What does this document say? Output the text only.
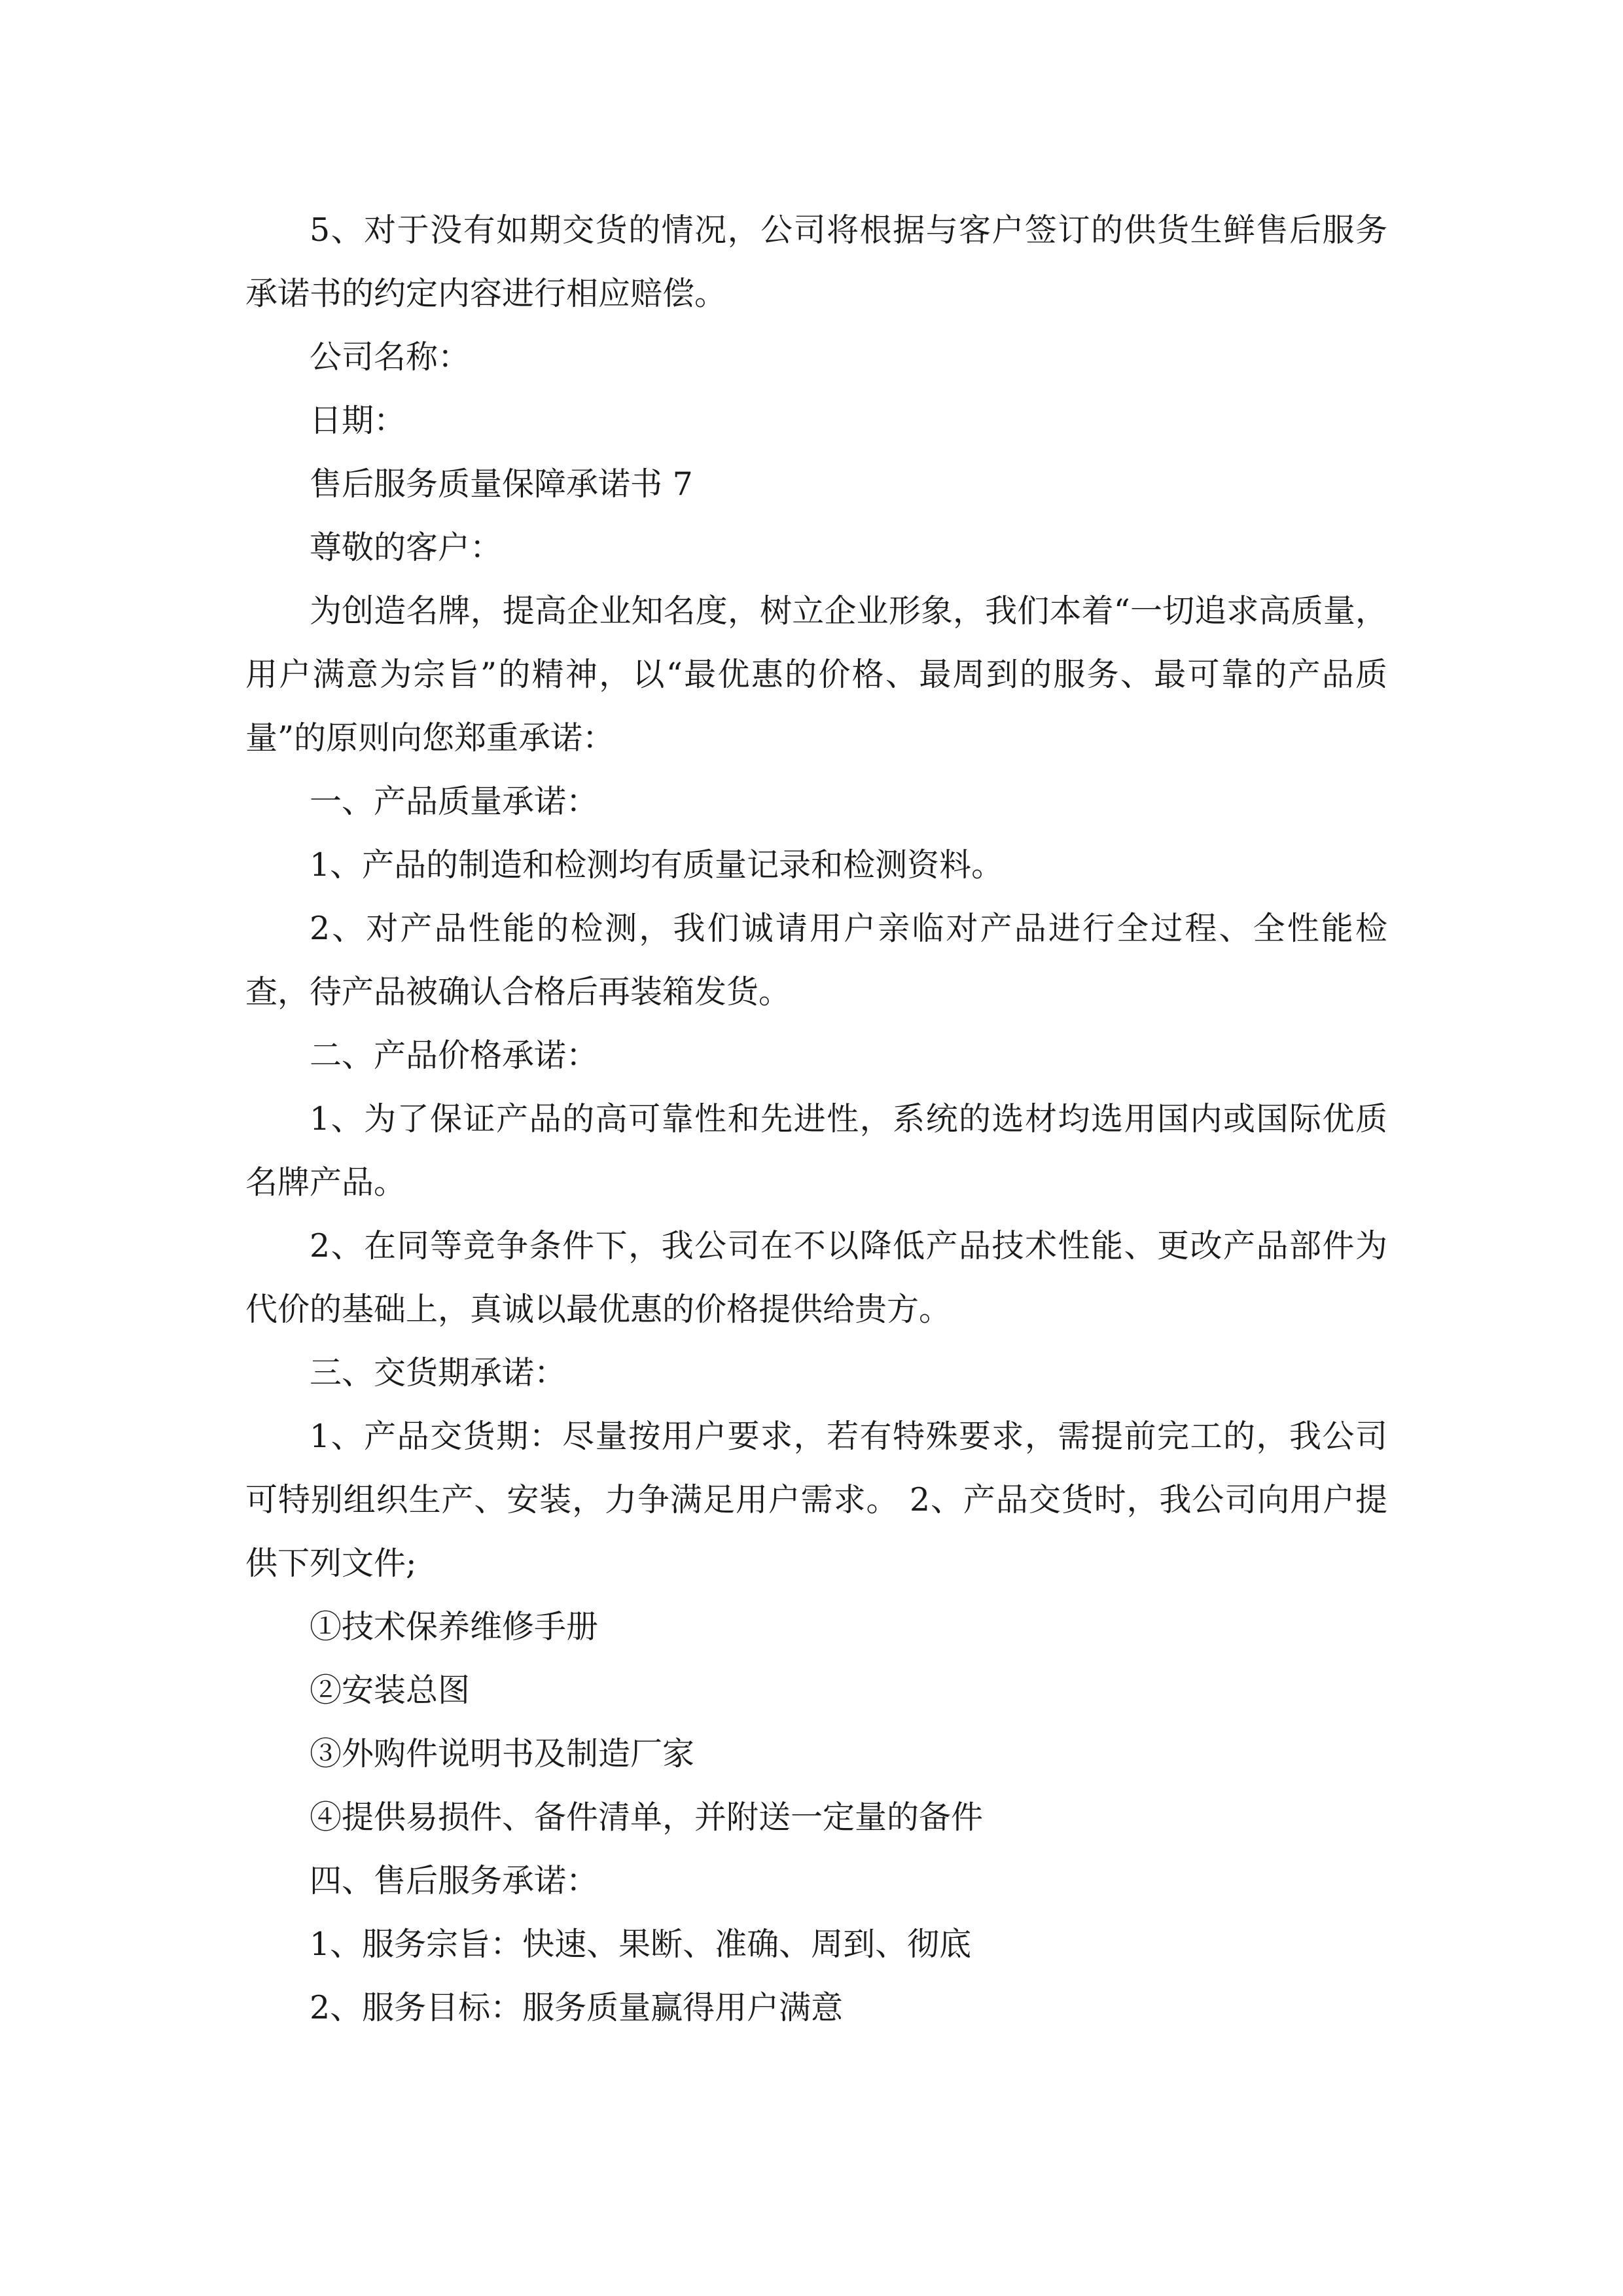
5、对于没有如期交货的情况，公司将根据与客户签订的供货生鲜售后服务承诺书的约定内容进行相应赔偿。

公司名称：

日期：

售后服务质量保障承诺书 7

尊敬的客户：

为创造名牌，提高企业知名度，树立企业形象，我们本着“一切追求高质量，用户满意为宗旨”的精神，以“最优惠的价格、最周到的服务、最可靠的产品质量”的原则向您郑重承诺：

一、产品质量承诺：

1、产品的制造和检测均有质量记录和检测资料。

2、对产品性能的检测，我们诚请用户亲临对产品进行全过程、全性能检查，待产品被确认合格后再装箱发货。

二、产品价格承诺：

1、为了保证产品的高可靠性和先进性，系统的选材均选用国内或国际优质名牌产品。

2、在同等竞争条件下，我公司在不以降低产品技术性能、更改产品部件为代价的基础上，真诚以最优惠的价格提供给贵方。

三、交货期承诺：

1、产品交货期：尽量按用户要求，若有特殊要求，需提前完工的，我公司可特别组织生产、安装，力争满足用户需求。 2、产品交货时，我公司向用户提供下列文件;

①技术保养维修手册

②安装总图

③外购件说明书及制造厂家

④提供易损件、备件清单，并附送一定量的备件

四、售后服务承诺：

1、服务宗旨：快速、果断、准确、周到、彻底

2、服务目标：服务质量赢得用户满意
